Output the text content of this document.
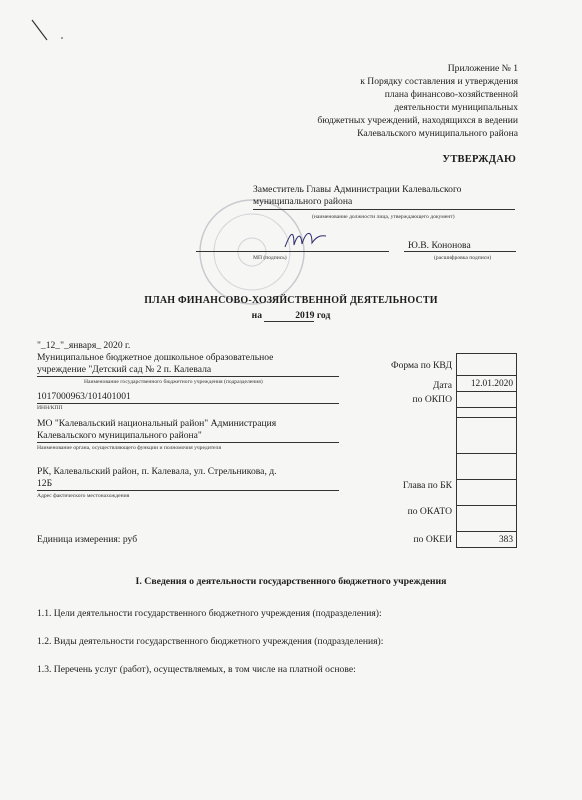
Приложение № 1
к Порядку составления и утверждения
плана финансово-хозяйственной
деятельности муниципальных
бюджетных учреждений, находящихся в ведении
Калевальского муниципального района
УТВЕРЖДАЮ
Заместитель Главы Администрации Калевальского
муниципального района
(наименование должности лица, утверждающего документ)
МП (подпись)
Ю.В. Кононова
(расшифровка подписи)
ПЛАН ФИНАНСОВО-ХОЗЯЙСТВЕННОЙ ДЕЯТЕЛЬНОСТИ
на	2019 год
"_12_"_января_ 2020 г.
Муниципальное бюджетное дошкольное образовательное
учреждение "Детский сад № 2 п. Калевала
Наименование государственного бюджетного учреждения (подразделения)
1017000963/101401001
ИНН/КПП
МО "Калевальский национальный район" Администрация
Калевальского муниципального района"
Наименование органа, осуществляющего функции и полномочия учредителя
РК, Калевальский район, п. Калевала, ул. Стрельникова, д.
12Б
Адрес фактического местонахождения
Единица измерения: руб
Форма по КВД
Дата
по ОКПО
Глава по БК
по ОКАТО
по ОКЕИ
12.01.2020
383
I. Сведения о деятельности государственного бюджетного учреждения
1.1. Цели деятельности государственного бюджетного учреждения (подразделения):
1.2. Виды деятельности государственного бюджетного учреждения (подразделения):
1.3. Перечень услуг (работ), осуществляемых, в том числе на платной основе:
